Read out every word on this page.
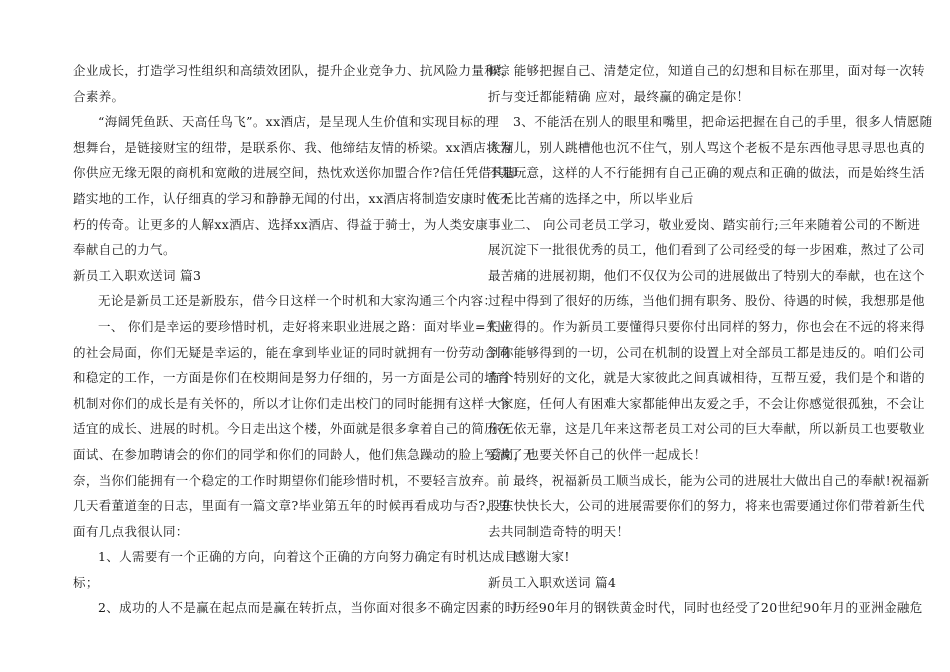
企业成长，打造学习性组织和高绩效团队，提升企业竞争力、抗风险力量和综
合素养。
“海阔凭鱼跃、天高任鸟飞”。xx酒店，是呈现人生价值和实现目标的理
想舞台，是链接财宝的纽带，是联系你、我、他缔结友情的桥梁。xx酒店将为
你供应无缘无限的商机和宽敞的进展空间，热忱欢送你加盟合作?信任凭借其脚
踏实地的工作，认仔细真的学习和静静无闻的付出，xx酒店将制造安康时代不
朽的传奇。让更多的人解xx酒店、选择xx酒店、得益于骑士，为人类安康事业
奉献自己的力气。
新员工入职欢送词 篇3
无论是新员工还是新股东，借今日这样一个时机和大家沟通三个内容：
一、 你们是幸运的要珍惜时机，走好将来职业进展之路：面对毕业=失业
的社会局面，你们无疑是幸运的，能在拿到毕业证的同时就拥有一份劳动合同
和稳定的工作，一方面是你们在校期间是努力仔细的，另一方面是公司的培育
机制对你们的成长是有关怀的，所以才让你们走出校门的同时能拥有这样一个
适宜的成长、进展的时机。今日走出这个楼，外面就是很多拿着自己的简历在
面试、在参加聘请会的你们的同学和你们的同龄人，他们焦急躁动的脸上写满了无
奈，当你们能拥有一个稳定的工作时期望你们能珍惜时机，不要轻言放弃。前
几天看董道奎的日志，里面有一篇文章?毕业第五年的时候再看成功与否?，里
面有几点我很认同：
1、人需要有一个正确的方向，向着这个正确的方向努力确定有时机达成目
标；
2、成功的人不是赢在起点而是赢在转折点，当你面对很多不确定因素的时
候，能够把握自己、清楚定位，知道自己的幻想和目标在那里，面对每一次转
折与变迁都能精确 应对，最终赢的确定是你！
3、不能活在别人的眼里和嘴里，把命运把握在自己的手里，很多人情愿随
大溜儿，别人跳槽他也沉不住气，别人骂这个老板不是东西他寻思寻思也真的
不是玩意，这样的人不行能拥有自己正确的观点和正确的做法，而是始终生活
在无比苦痛的选择之中，所以毕业后
二、 向公司老员工学习，敬业爱岗、踏实前行;三年来随着公司的不断进
展沉淀下一批很优秀的员工，他们看到了公司经受的每一步困难，熬过了公司
最苦痛的进展初期，他们不仅仅为公司的进展做出了特别大的奉献，也在这个
过程中得到了很好的历练，当他们拥有职务、股份、待遇的时候，我想那是他
们应得的。作为新员工要懂得只要你付出同样的努力，你也会在不远的将来得
到你能够得到的一切，公司在机制的设置上对全部员工都是违反的。咱们公司
有个特别好的文化，就是大家彼此之间真诚相待，互帮互爱，我们是个和谐的
大家庭，任何人有困难大家都能伸出友爱之手，不会让你感觉很孤独，不会让
你无依无靠，这是几年来这帮老员工对公司的巨大奉献，所以新员工也要敬业
爱岗，也要关怀自己的伙伴一起成长！
最终，祝福新员工顺当成长，能为公司的进展壮大做出自己的奉献!祝福新
股东快快长大，公司的进展需要你们的努力，将来也需要通过你们带着新生代
去共同制造奇特的明天！
感谢大家!
新员工入职欢送词 篇4
历经90年月的钢铁黄金时代，同时也经受了20世纪90年月的亚洲金融危
